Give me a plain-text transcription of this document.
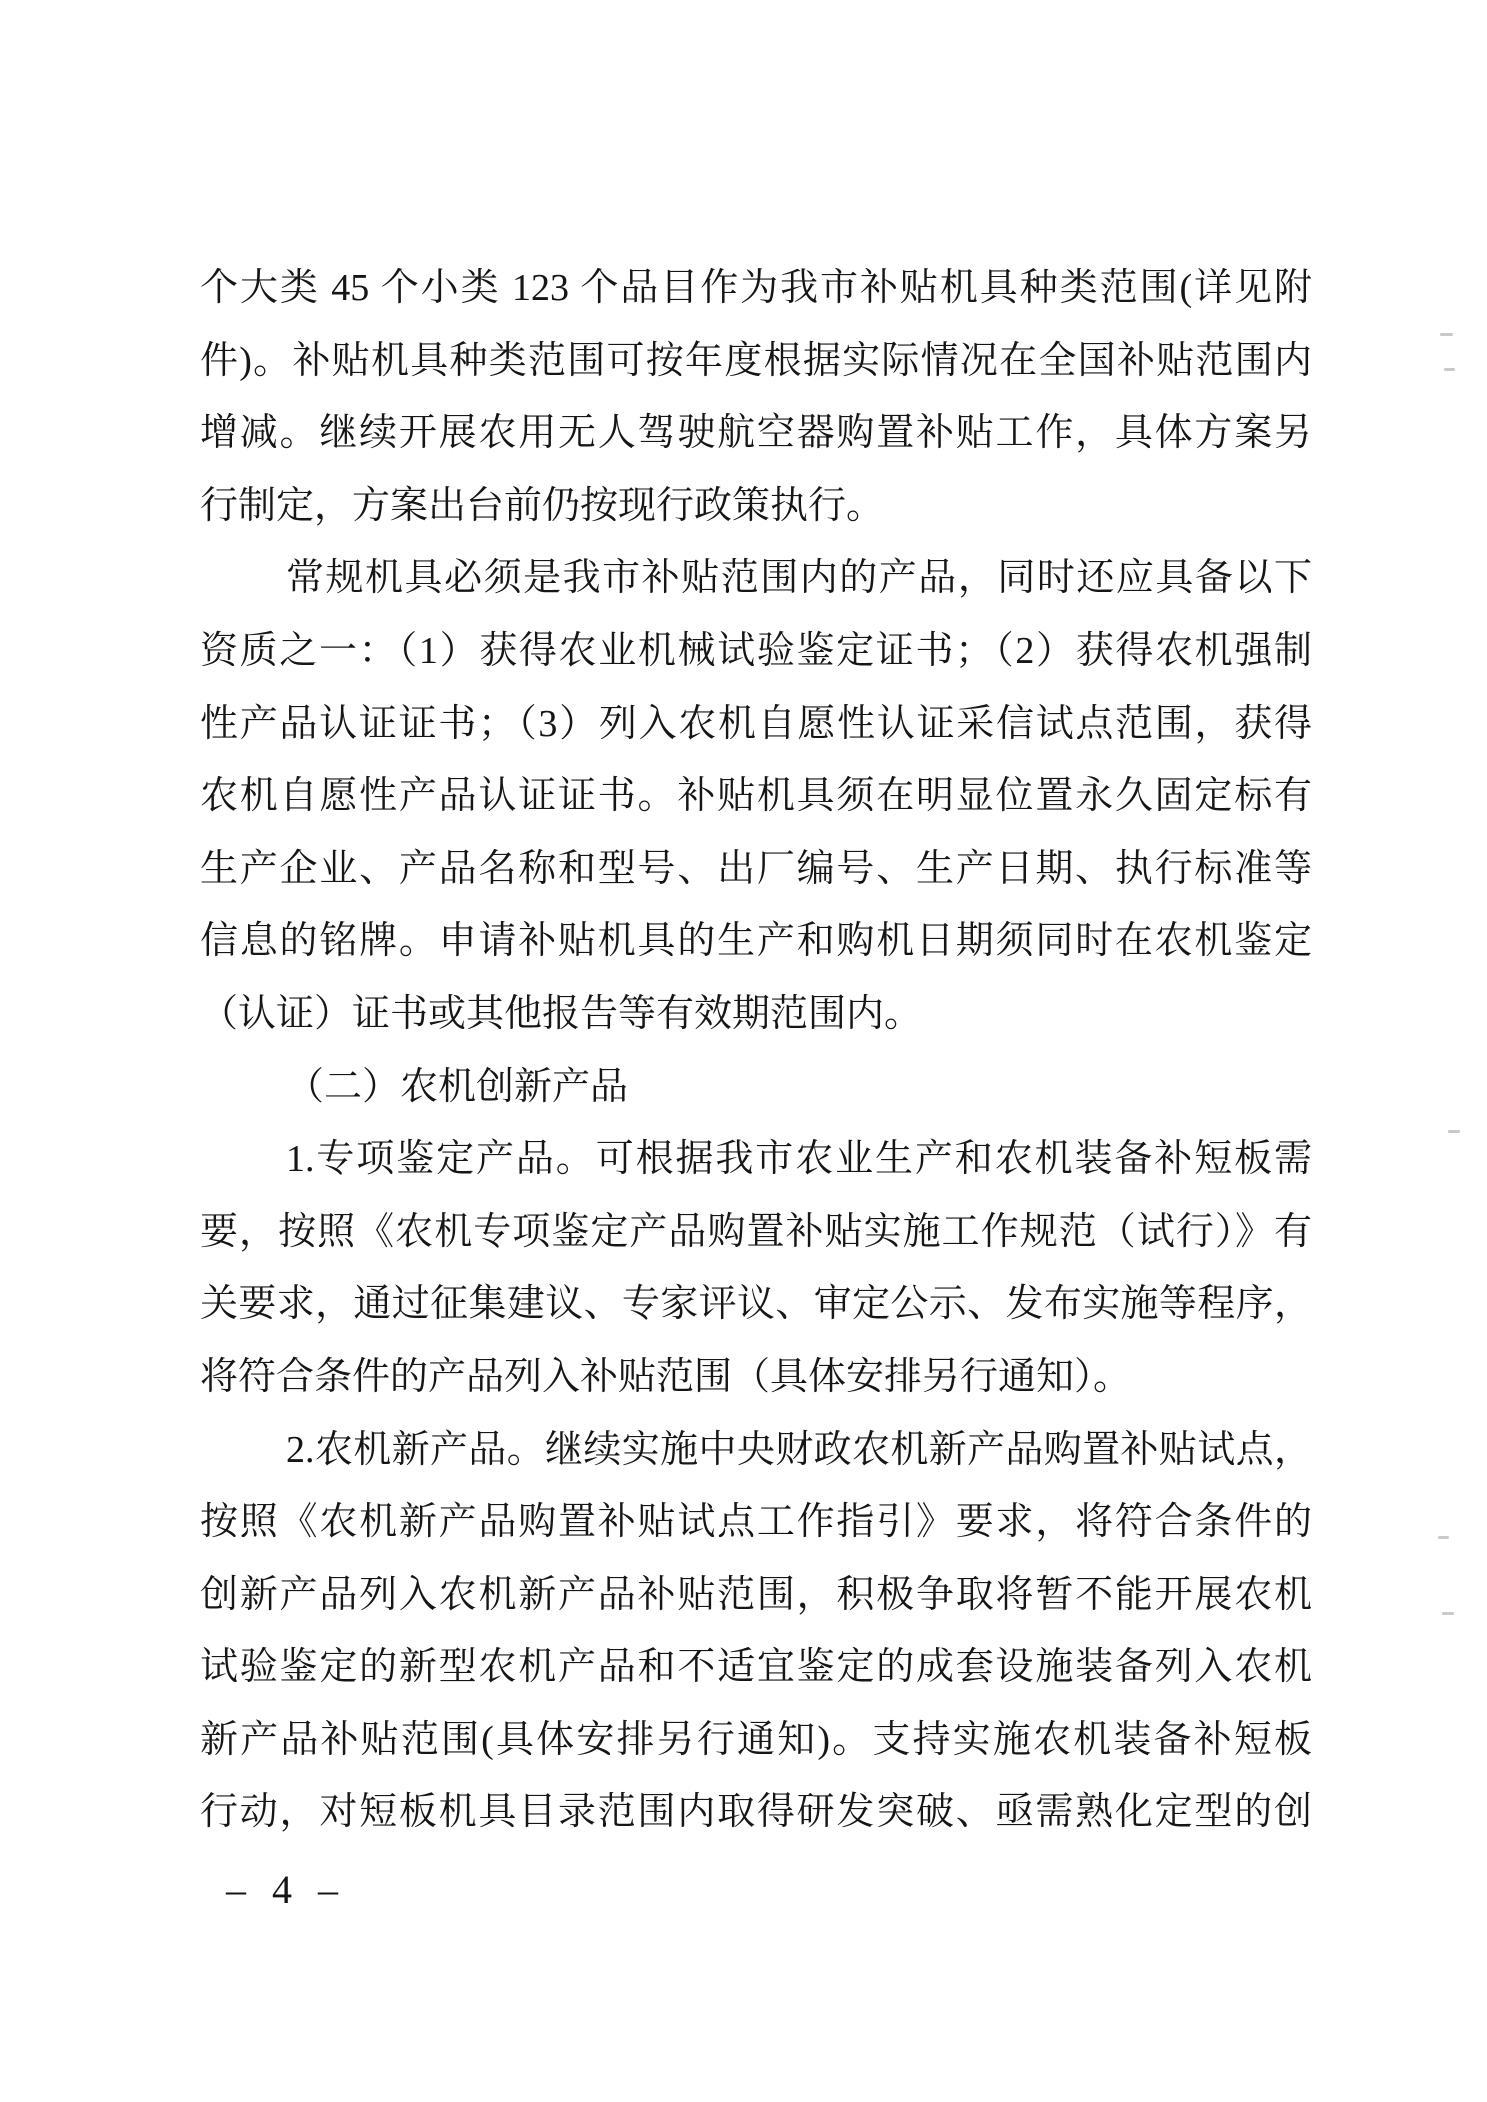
个大类 45 个小类 123 个品目作为我市补贴机具种类范围(详见附
件)。补贴机具种类范围可按年度根据实际情况在全国补贴范围内
增减。继续开展农用无人驾驶航空器购置补贴工作，具体方案另
行制定，方案出台前仍按现行政策执行。
常规机具必须是我市补贴范围内的产品，同时还应具备以下
资质之一：（1）获得农业机械试验鉴定证书；（2）获得农机强制
性产品认证证书；（3）列入农机自愿性认证采信试点范围，获得
农机自愿性产品认证证书。补贴机具须在明显位置永久固定标有
生产企业、产品名称和型号、出厂编号、生产日期、执行标准等
信息的铭牌。申请补贴机具的生产和购机日期须同时在农机鉴定
（认证）证书或其他报告等有效期范围内。
（二）农机创新产品
1.专项鉴定产品。可根据我市农业生产和农机装备补短板需
要，按照《农机专项鉴定产品购置补贴实施工作规范（试行）》有
关要求，通过征集建议、专家评议、审定公示、发布实施等程序，
将符合条件的产品列入补贴范围（具体安排另行通知）。
2.农机新产品。继续实施中央财政农机新产品购置补贴试点，
按照《农机新产品购置补贴试点工作指引》要求，将符合条件的
创新产品列入农机新产品补贴范围，积极争取将暂不能开展农机
试验鉴定的新型农机产品和不适宜鉴定的成套设施装备列入农机
新产品补贴范围(具体安排另行通知)。支持实施农机装备补短板
行动，对短板机具目录范围内取得研发突破、亟需熟化定型的创
– 4 –
